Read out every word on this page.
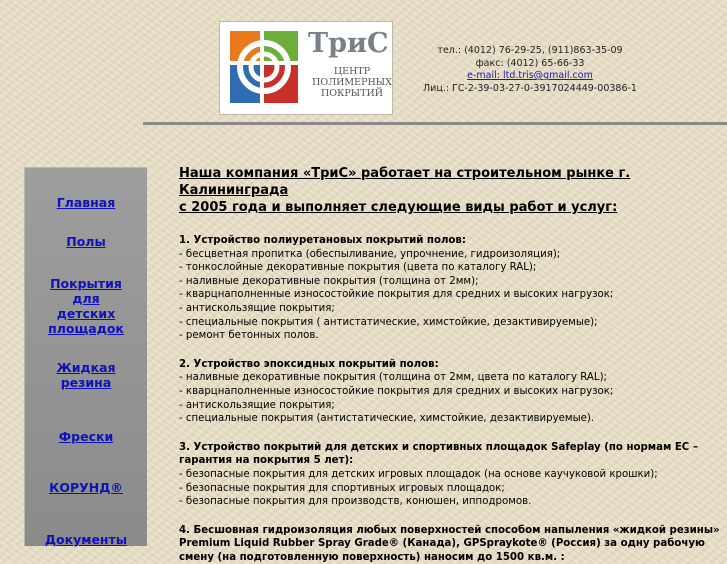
ТриС
ЦЕНТР
ПОЛИМЕРНЫХ
ПОКРЫТИЙ
тел.: (4012) 76-29-25, (911)863-35-09
факс: (4012) 65-66-33
e-mail: ltd.tris@gmail.com
Лиц.: ГС-2-39-03-27-0-3917024449-00386-1
Главная
Полы
Покрытия
для
детских
площадок
Жидкая
резина
Фрески
КОРУНД®
Документы

Наша компания «ТриС» работает на строительном рынке г. Калининграда
с 2005 года и выполняет следующие виды работ и услуг:

1. Устройство полиуретановых покрытий полов:
- бесцветная пропитка (обеспыливание, упрочнение, гидроизоляция);
- тонкослойные декоративные покрытия (цвета по каталогу RAL);
- наливные декоративные покрытия (толщина от 2мм);
- кварцнаполненные износостойкие покрытия для средних и высоких нагрузок;
- антискользящие покрытия;
- специальные покрытия ( антистатические, химстойкие, дезактивируемые);
- ремонт бетонных полов.
2. Устройство эпоксидных покрытий полов:
- наливные декоративные покрытия (толщина от 2мм, цвета по каталогу RAL);
- кварцнаполненные износостойкие покрытия для средних и высоких нагрузок;
- антискользящие покрытия;
- специальные покрытия (антистатические, химстойкие, дезактивируемые).
3. Устройство покрытий для детских и спортивных площадок Safeplay (по нормам ЕС – гарантия на покрытия 5 лет):
- безопасные покрытия для детских игровых площадок (на основе каучуковой крошки);
- безопасные покрытия для спортивных игровых площадок;
- безопасные покрытия для производств, конюшен, ипподромов.
4. Бесшовная гидроизоляция любых поверхностей способом напыления «жидкой резины» Premium Liquid Rubber Spray Grade® (Канада), GPSpraykote® (Россия) за одну рабочую смену (на подготовленную поверхность) наносим до 1500 кв.м. :
